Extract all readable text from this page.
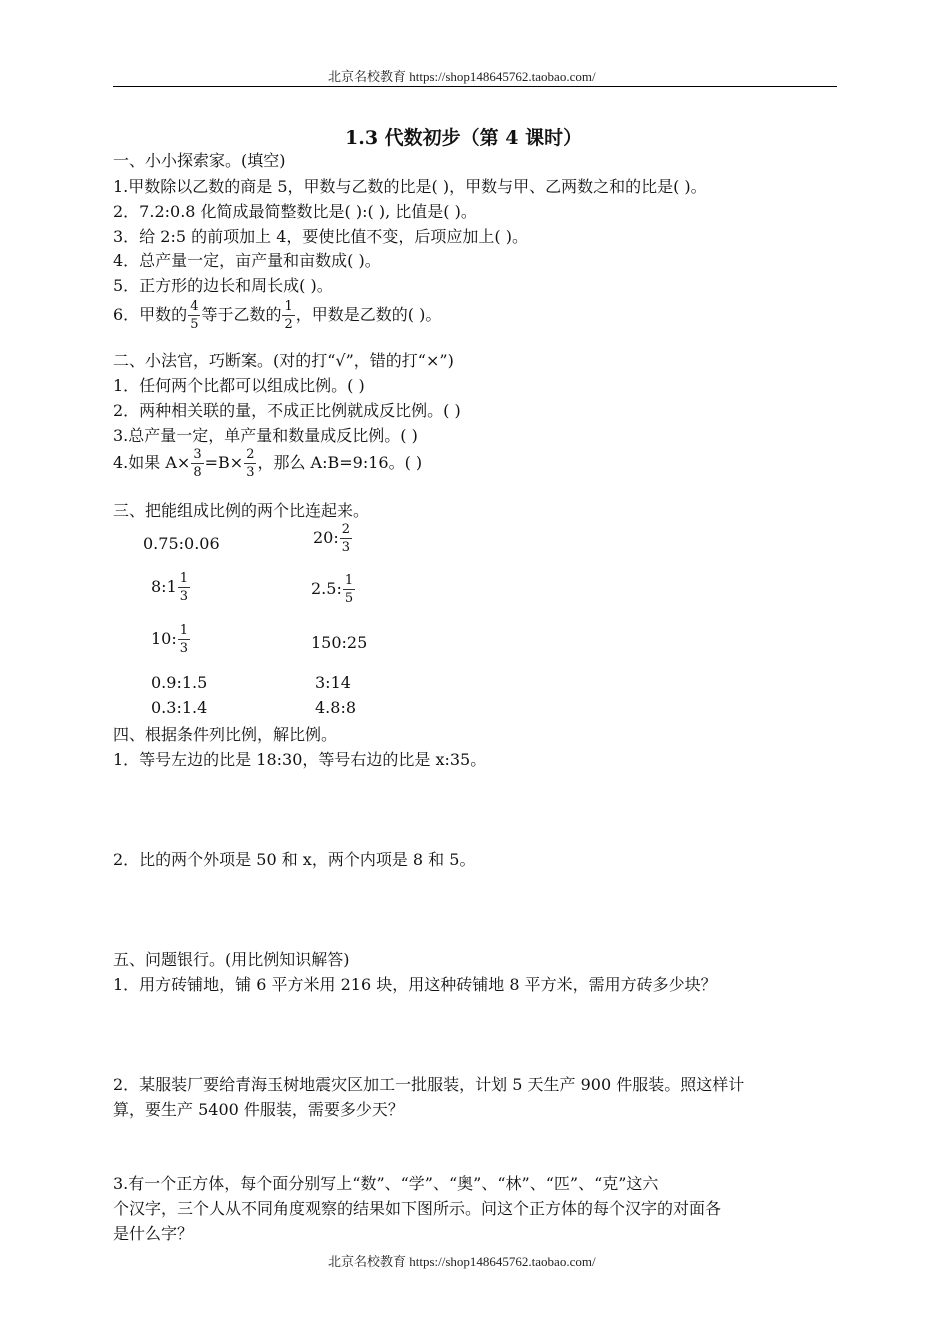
北京名校教育 https://shop148645762.taobao.com/
1.3 代数初步（第 4 课时）
一、小小探索家。(填空)
1.甲数除以乙数的商是 5，甲数与乙数的比是( )，甲数与甲、乙两数之和的比是( )。
2．7.2:0.8 化简成最简整数比是( ):( ), 比值是( )。
3．给 2:5 的前项加上 4，要使比值不变，后项应加上( )。
4．总产量一定，亩产量和亩数成( )。
5．正方形的边长和周长成( )。
6．甲数的 $\frac{4}{5}$ 等于乙数的 $\frac{1}{2}$ ，甲数是乙数的( )。
二、小法官，巧断案。(对的打“√”，错的打“×”)
1．任何两个比都可以组成比例。( )
2．两种相关联的量，不成正比例就成反比例。( )
3.总产量一定，单产量和数量成反比例。( )
4.如果 $A\times \frac{3}{8} =B\times \frac{2}{3}$ ，那么 A:B=9:16。( )
三、把能组成比例的两个比连起来。
0.75:0.06
8:1 $\frac{1}{3}$
10: $\frac{1}{3}$
0.9:1.5
0.3:1.4
20: $\frac{2}{3}$
2.5: $\frac{1}{5}$
150:25
3:14
4.8:8
四、根据条件列比例，解比例。
1．等号左边的比是 18:30，等号右边的比是 x:35。
2．比的两个外项是 50 和 x，两个内项是 8 和 5。
五、问题银行。(用比例知识解答)
1．用方砖铺地，铺 6 平方米用 216 块，用这种砖铺地 8 平方米，需用方砖多少块？
2．某服装厂要给青海玉树地震灾区加工一批服装，计划 5 天生产 900 件服装。照这样计
算，要生产 5400 件服装，需要多少天？
3.有一个正方体，每个面分别写上“数”、“学”、“奥”、“林”、“匹”、“克”这六
个汉字，三个人从不同角度观察的结果如下图所示。问这个正方体的每个汉字的对面各
是什么字？
北京名校教育 https://shop148645762.taobao.com/
